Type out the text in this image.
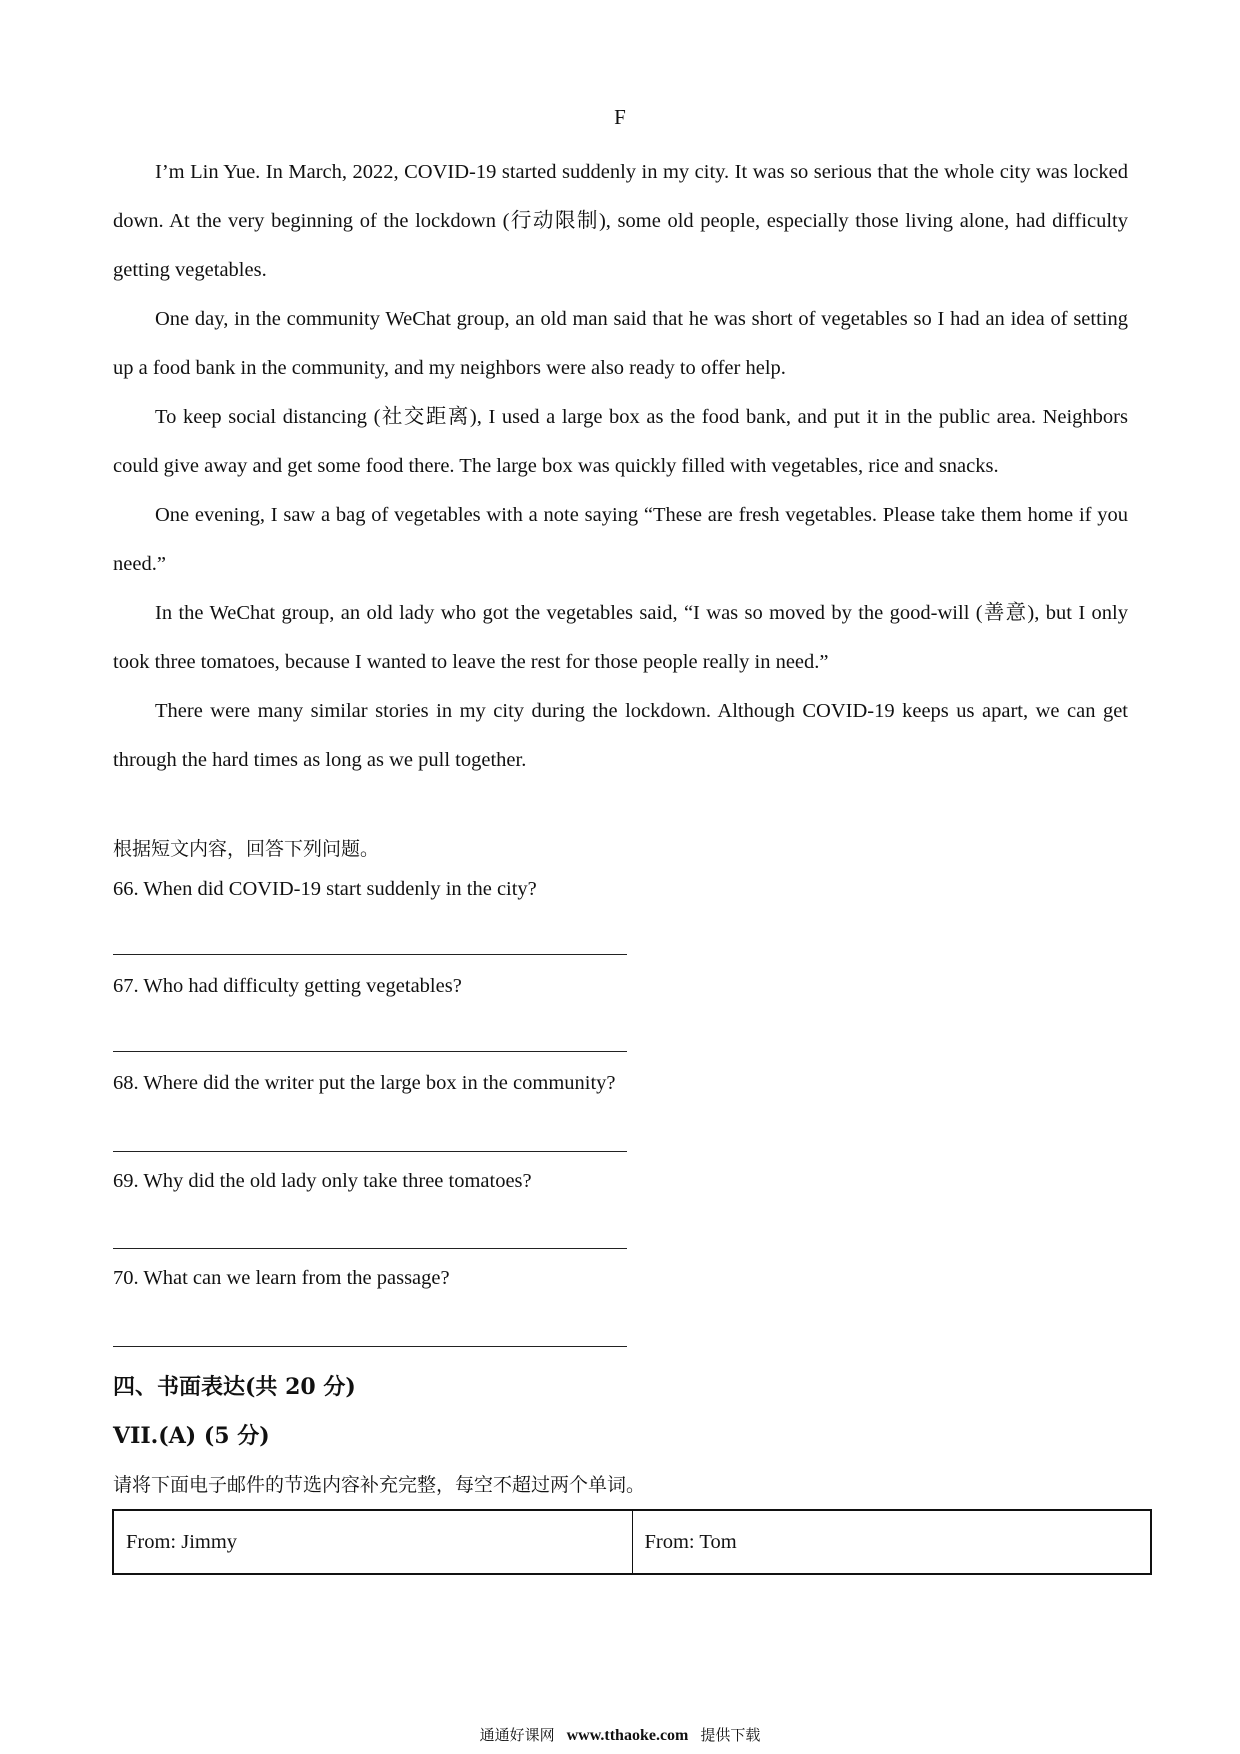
F

I’m Lin Yue. In March, 2022, COVID-19 started suddenly in my city. It was so serious that the whole city was locked down. At the very beginning of the lockdown (行动限制), some old people, especially those living alone, had difficulty getting vegetables.

One day, in the community WeChat group, an old man said that he was short of vegetables so I had an idea of setting up a food bank in the community, and my neighbors were also ready to offer help.

To keep social distancing (社交距离), I used a large box as the food bank, and put it in the public area. Neighbors could give away and get some food there. The large box was quickly filled with vegetables, rice and snacks.

One evening, I saw a bag of vegetables with a note saying “These are fresh vegetables. Please take them home if you need.”

In the WeChat group, an old lady who got the vegetables said, “I was so moved by the good-will (善意), but I only took three tomatoes, because I wanted to leave the rest for those people really in need.”

There were many similar stories in my city during the lockdown. Although COVID-19 keeps us apart, we can get through the hard times as long as we pull together.

根据短文内容，回答下列问题。
66. When did COVID-19 start suddenly in the city?
67. Who had difficulty getting vegetables?
68. Where did the writer put the large box in the community?
69. Why did the old lady only take three tomatoes?
70. What can we learn from the passage?
四、书面表达(共 20 分)
VII.(A) (5 分)
请将下面电子邮件的节选内容补充完整，每空不超过两个单词。
From: Jimmy	From: Tom
通通好课网 www.tthaoke.com 提供下载
